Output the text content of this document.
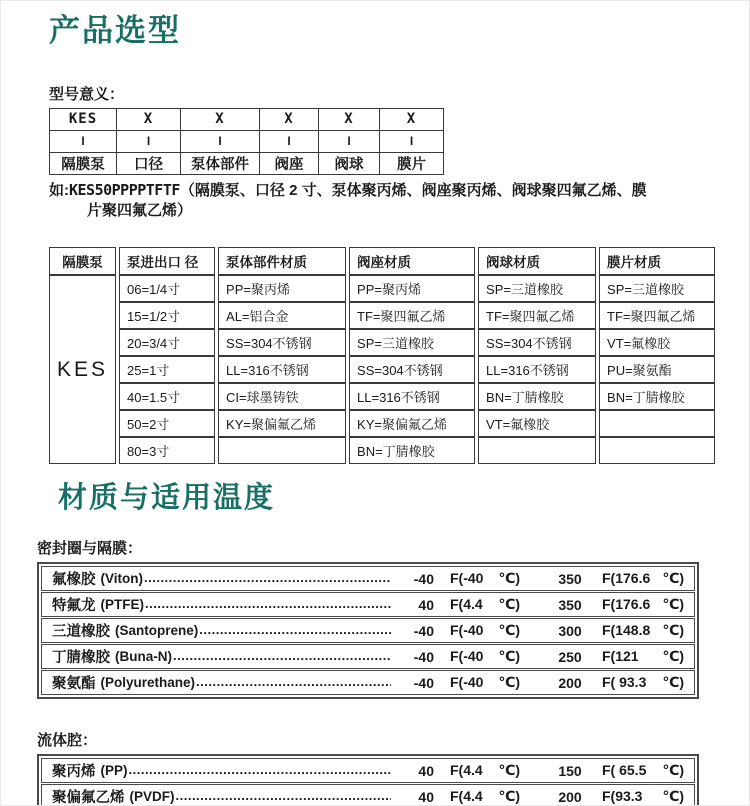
产品选型
型号意义：
KES	X	X	X	X	X
I	I	I	I	I	I
隔膜泵	口径	泵体部件	阀座	阀球	膜片
如:KES50PPPPTFTF（隔膜泵、口径 2 寸、泵体聚丙烯、阀座聚丙烯、阀球聚四氟乙烯、膜
片聚四氟乙烯）
隔膜泵	泵进出口 径	泵体部件材质	阀座材质	阀球材质	膜片材质
KES	06=1/4寸	PP=聚丙烯	PP=聚丙烯	SP=三道橡胶	SP=三道橡胶
	15=1/2寸	AL=铝合金	TF=聚四氟乙烯	TF=聚四氟乙烯	TF=聚四氟乙烯
	20=3/4寸	SS=304不锈钢	SP=三道橡胶	SS=304不锈钢	VT=氟橡胶
	25=1寸	LL=316不锈钢	SS=304不锈钢	LL=316不锈钢	PU=聚氨酯
	40=1.5寸	CI=球墨铸铁	LL=316不锈钢	BN=丁腈橡胶	BN=丁腈橡胶
	50=2寸	KY=聚偏氟乙烯	KY=聚偏氟乙烯	VT=氟橡胶	
	80=3寸		BN=丁腈橡胶		
材质与适用温度
密封圈与隔膜：
氟橡胶 (Viton) .....	-40 F(-40 ℃)	350	F(176.6 ℃)
特氟龙 (PTFE) .....	40 F(4.4 ℃)	350	F(176.6 ℃)
三道橡胶 (Santoprene) .....	-40 F(-40 ℃)	300	F(148.8 ℃)
丁腈橡胶 (Buna-N) .....	-40 F(-40 ℃)	250	F(121 ℃)
聚氨酯 (Polyurethane) .....	-40 F(-40 ℃)	200	F( 93.3 ℃)
流体腔：
聚丙烯 (PP) .....	40 F(4.4 ℃)	150	F( 65.5 ℃)
聚偏氟乙烯 (PVDF) .....	40 F(4.4 ℃)	200	F(93.3 ℃)
